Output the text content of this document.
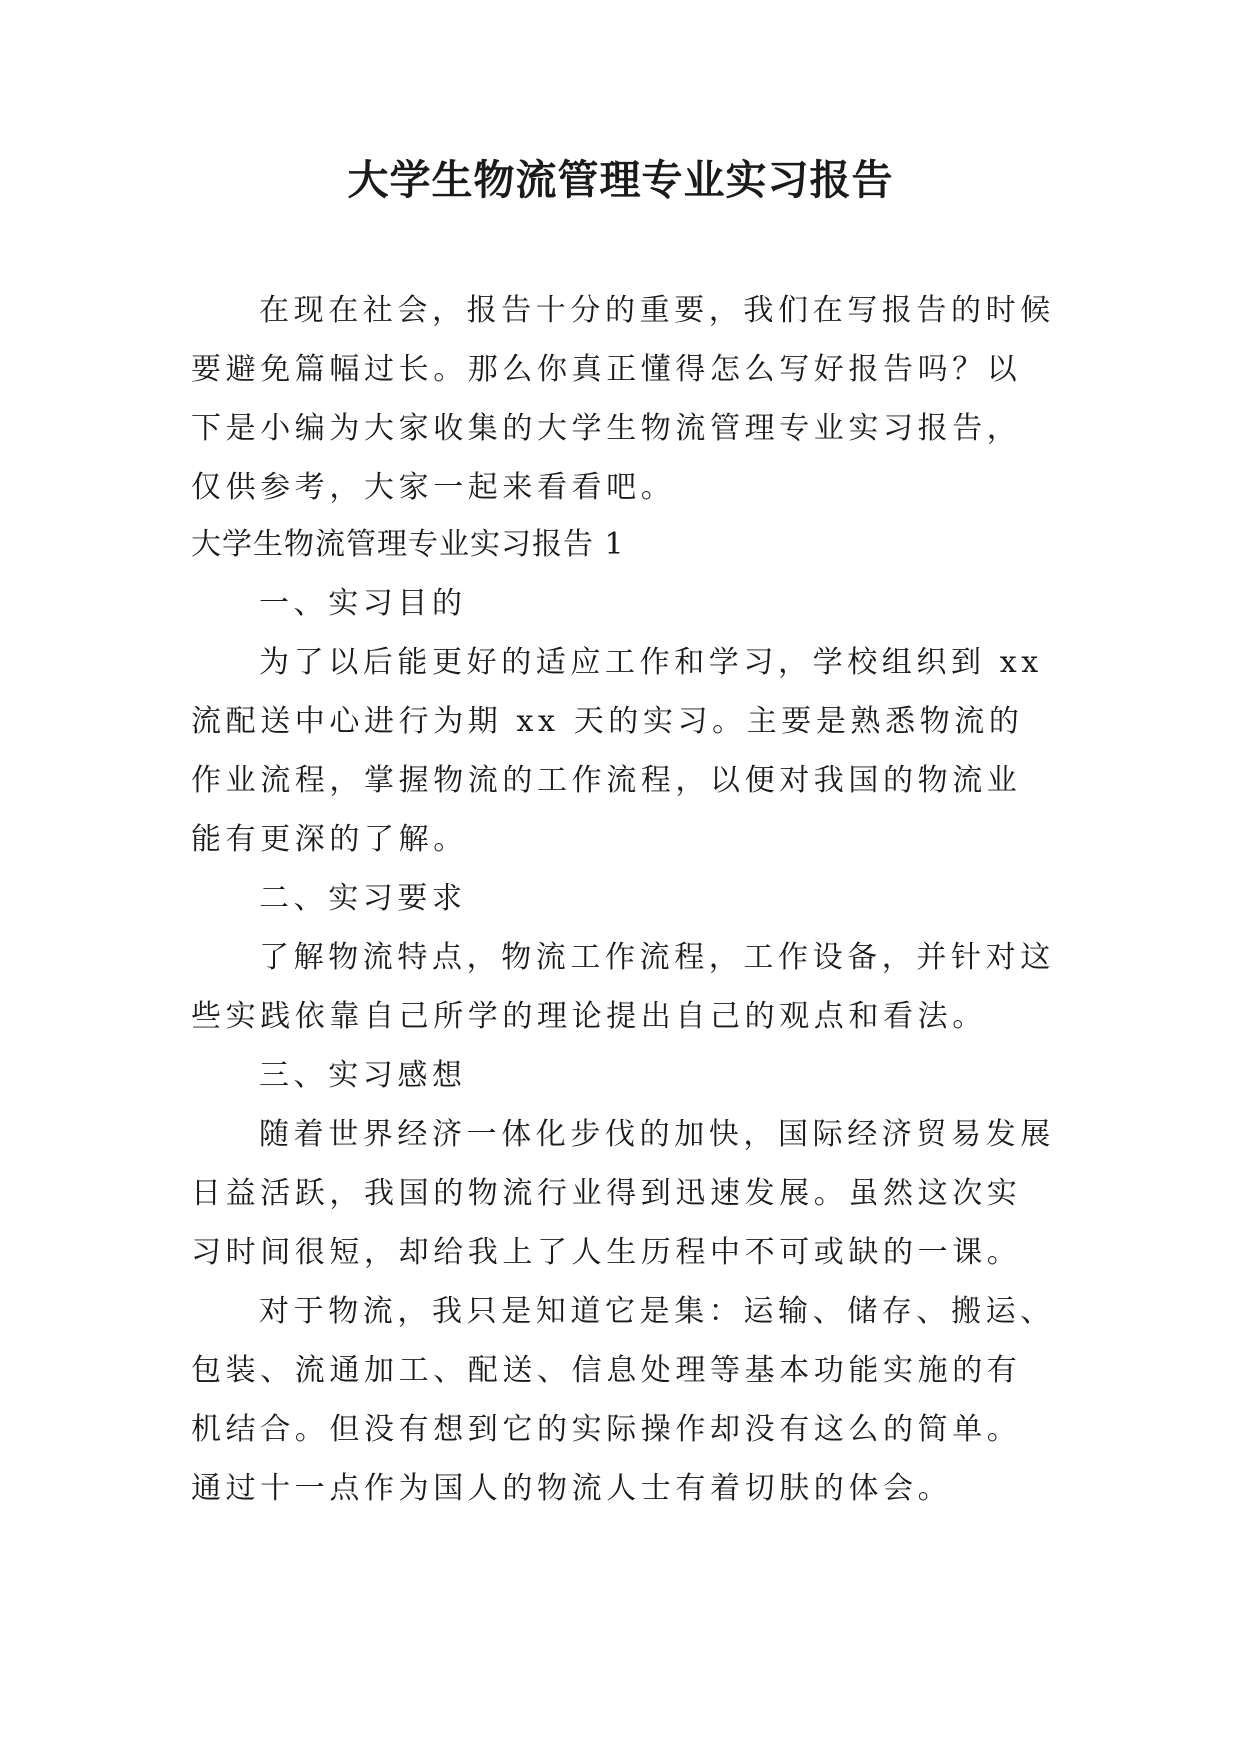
大学生物流管理专业实习报告

在现在社会，报告十分的重要，我们在写报告的时候要避免篇幅过长。那么你真正懂得怎么写好报告吗？以下是小编为大家收集的大学生物流管理专业实习报告，仅供参考，大家一起来看看吧。

大学生物流管理专业实习报告 1

一、实习目的

为了以后能更好的适应工作和学习，学校组织到 xx 流配送中心进行为期 xx 天的实习。主要是熟悉物流的作业流程，掌握物流的工作流程，以便对我国的物流业能有更深的了解。

二、实习要求

了解物流特点，物流工作流程，工作设备，并针对这些实践依靠自己所学的理论提出自己的观点和看法。

三、实习感想

随着世界经济一体化步伐的加快，国际经济贸易发展日益活跃，我国的物流行业得到迅速发展。虽然这次实习时间很短，却给我上了人生历程中不可或缺的一课。

对于物流，我只是知道它是集：运输、储存、搬运、包装、流通加工、配送、信息处理等基本功能实施的有机结合。但没有想到它的实际操作却没有这么的简单。通过十一点作为国人的物流人士有着切肤的体会。
